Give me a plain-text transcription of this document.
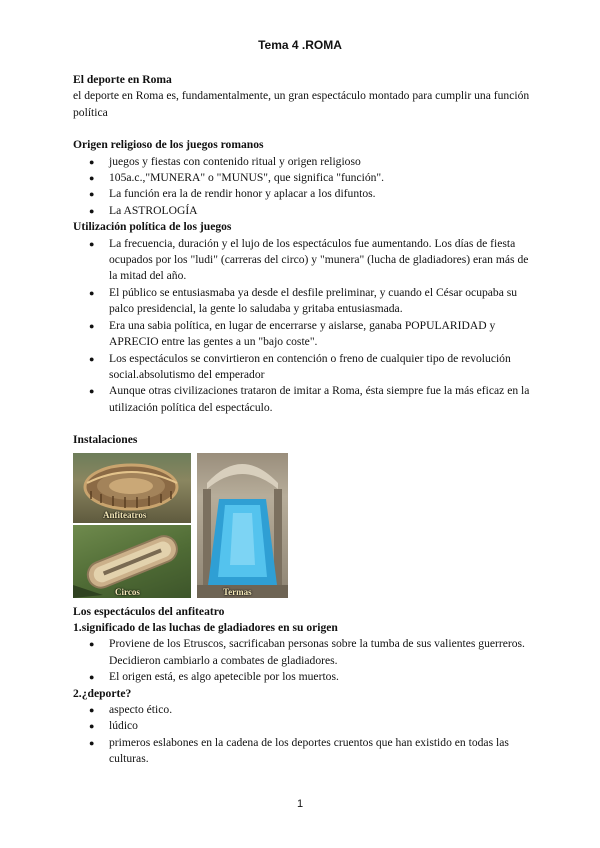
Tema 4 .ROMA
El deporte en Roma

el deporte en Roma es, fundamentalmente, un gran espectáculo montado para cumplir una función política

Origen religioso de los juegos romanos
● juegos y fiestas con contenido ritual y origen religioso
● 105a.c.,"MUNERA" o "MUNUS", que significa "función".
● La función era la de rendir honor y aplacar a los difuntos.
● La ASTROLOGÍA
Utilización política de los juegos
● La frecuencia, duración y el lujo de los espectáculos fue aumentando. Los días de fiesta ocupados por los "ludi" (carreras del circo) y "munera" (lucha de gladiadores) eran más de la mitad del año.
● El público se entusiasmaba ya desde el desfile preliminar, y cuando el César ocupaba su palco presidencial, la gente lo saludaba y gritaba entusiasmada.
● Era una sabia política, en lugar de encerrarse y aislarse, ganaba POPULARIDAD y APRECIO entre las gentes a un "bajo coste".
● Los espectáculos se convirtieron en contención o freno de cualquier tipo de revolución social.absolutismo del emperador
● Aunque otras civilizaciones trataron de imitar a Roma, ésta siempre fue la más eficaz en la utilización política del espectáculo.
Instalaciones
Anfiteatros
Circos	Termas
Los espectáculos del anfiteatro
1.significado de las luchas de gladiadores en su origen
● Proviene de los Etruscos, sacrificaban personas sobre la tumba de sus valientes guerreros. Decidieron cambiarlo a combates de gladiadores.
● El origen está, es algo apetecible por los muertos.
2.¿deporte?
● aspecto ético.
● lúdico
● primeros eslabones en la cadena de los deportes cruentos que han existido en todas las culturas.
1
